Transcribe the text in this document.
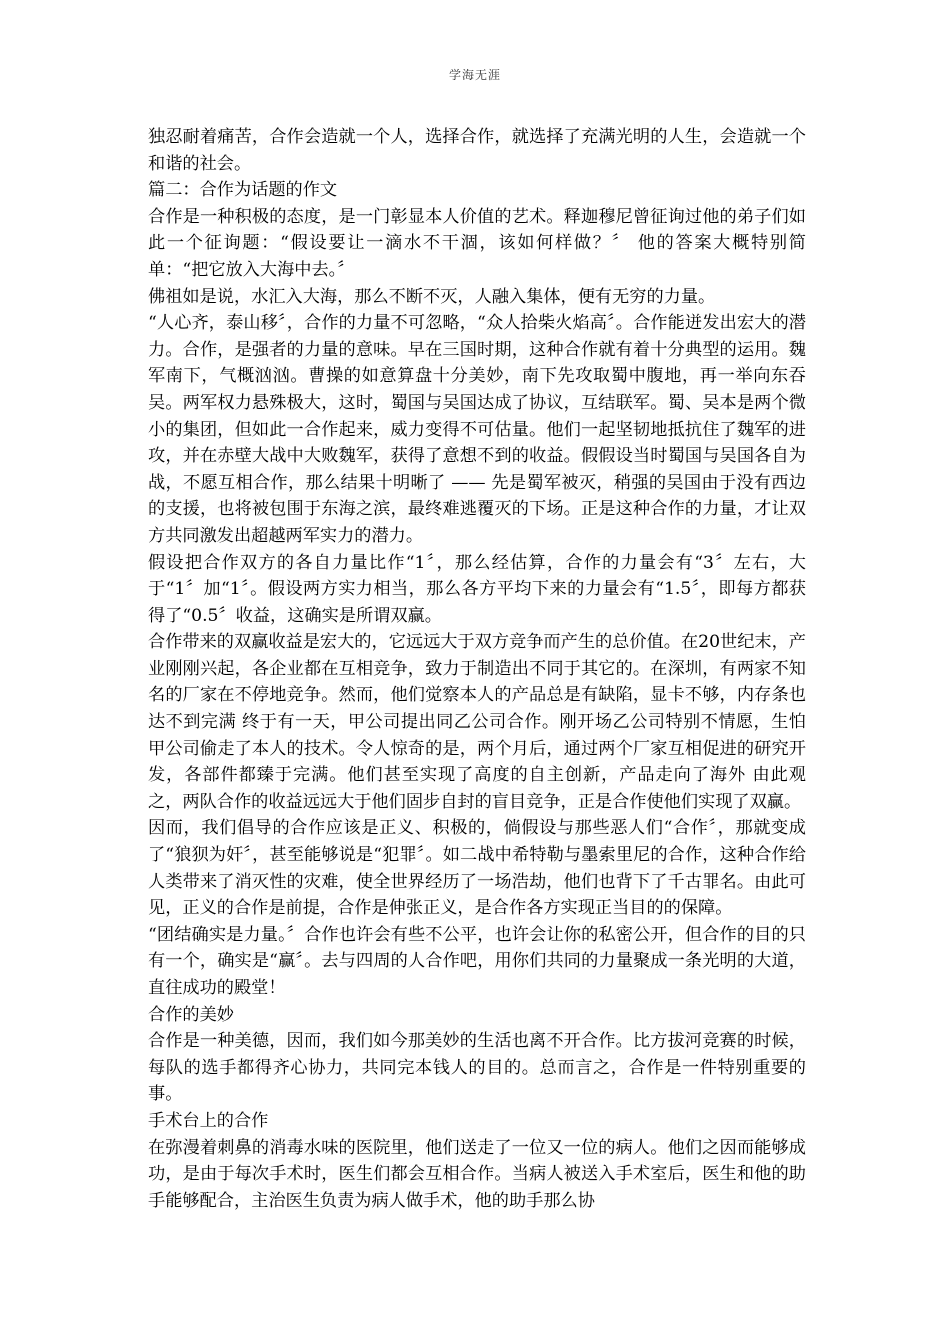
学海无涯

独忍耐着痛苦，合作会造就一个人，选择合作，就选择了充满光明的人生，会造就一个和谐的社会。

篇二：合作为话题的作文

合作是一种积极的态度，是一门彰显本人价值的艺术。释迦穆尼曾征询过他的弟子们如此一个征询题：“假设要让一滴水不干涸，该如何样做？〞 他的答案大概特别简单：“把它放入大海中去。〞

佛祖如是说，水汇入大海，那么不断不灭，人融入集体，便有无穷的力量。

“人心齐，泰山移〞，合作的力量不可忽略，“众人拾柴火焰高〞。合作能迸发出宏大的潜力。合作，是强者的力量的意味。早在三国时期，这种合作就有着十分典型的运用。魏军南下，气概汹汹。曹操的如意算盘十分美妙，南下先攻取蜀中腹地，再一举向东吞吴。两军权力悬殊极大，这时，蜀国与吴国达成了协议，互结联军。蜀、吴本是两个微小的集团，但如此一合作起来，威力变得不可估量。他们一起坚韧地抵抗住了魏军的进攻，并在赤壁大战中大败魏军，获得了意想不到的收益。假假设当时蜀国与吴国各自为战，不愿互相合作，那么结果十明晰了 —— 先是蜀军被灭，稍强的吴国由于没有西边的支援，也将被包围于东海之滨，最终难逃覆灭的下场。正是这种合作的力量，才让双方共同激发出超越两军实力的潜力。

假设把合作双方的各自力量比作“1〞，那么经估算，合作的力量会有“3〞左右，大于“1〞加“1〞。假设两方实力相当，那么各方平均下来的力量会有“1.5〞，即每方都获得了“0.5〞收益，这确实是所谓双赢。

合作带来的双赢收益是宏大的，它远远大于双方竞争而产生的总价值。在20世纪末，产业刚刚兴起，各企业都在互相竞争，致力于制造出不同于其它的。在深圳，有两家不知名的厂家在不停地竞争。然而，他们觉察本人的产品总是有缺陷，显卡不够，内存条也达不到完满 终于有一天，甲公司提出同乙公司合作。刚开场乙公司特别不情愿，生怕甲公司偷走了本人的技术。令人惊奇的是，两个月后，通过两个厂家互相促进的研究开发，各部件都臻于完满。他们甚至实现了高度的自主创新，产品走向了海外 由此观之，两队合作的收益远远大于他们固步自封的盲目竞争，正是合作使他们实现了双赢。

因而，我们倡导的合作应该是正义、积极的，倘假设与那些恶人们“合作〞，那就变成了“狼狈为奸〞，甚至能够说是“犯罪〞。如二战中希特勒与墨索里尼的合作，这种合作给人类带来了消灭性的灾难，使全世界经历了一场浩劫，他们也背下了千古罪名。由此可见，正义的合作是前提，合作是伸张正义，是合作各方实现正当目的的保障。

“团结确实是力量。〞合作也许会有些不公平，也许会让你的私密公开，但合作的目的只有一个，确实是“赢〞。去与四周的人合作吧，用你们共同的力量聚成一条光明的大道，直往成功的殿堂！

合作的美妙

合作是一种美德，因而，我们如今那美妙的生活也离不开合作。比方拔河竞赛的时候，每队的选手都得齐心协力，共同完本钱人的目的。总而言之，合作是一件特别重要的事。

手术台上的合作

在弥漫着刺鼻的消毒水味的医院里，他们送走了一位又一位的病人。他们之因而能够成功，是由于每次手术时，医生们都会互相合作。当病人被送入手术室后，医生和他的助手能够配合，主治医生负责为病人做手术，他的助手那么协
